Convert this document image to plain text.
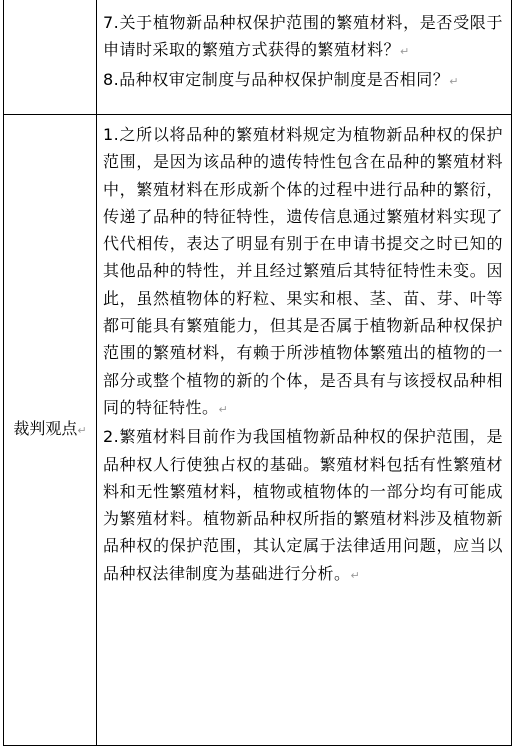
	7.关于植物新品种权保护范围的繁殖材料，是否受限于申请时采取的繁殖方式获得的繁殖材料？↵

8.品种权审定制度与品种权保护制度是否相同？↵

裁判观点↵	1.之所以将品种的繁殖材料规定为植物新品种权的保护范围，是因为该品种的遗传特性包含在品种的繁殖材料中，繁殖材料在形成新个体的过程中进行品种的繁衍，传递了品种的特征特性，遗传信息通过繁殖材料实现了代代相传，表达了明显有别于在申请书提交之时已知的其他品种的特性，并且经过繁殖后其特征特性未变。因此，虽然植物体的籽粒、果实和根、茎、苗、芽、叶等都可能具有繁殖能力，但其是否属于植物新品种权保护范围的繁殖材料，有赖于所涉植物体繁殖出的植物的一部分或整个植物的新的个体，是否具有与该授权品种相同的特征特性。↵

2.繁殖材料目前作为我国植物新品种权的保护范围，是品种权人行使独占权的基础。繁殖材料包括有性繁殖材料和无性繁殖材料，植物或植物体的一部分均有可能成为繁殖材料。植物新品种权所指的繁殖材料涉及植物新品种权的保护范围，其认定属于法律适用问题，应当以品种权法律制度为基础进行分析。↵
